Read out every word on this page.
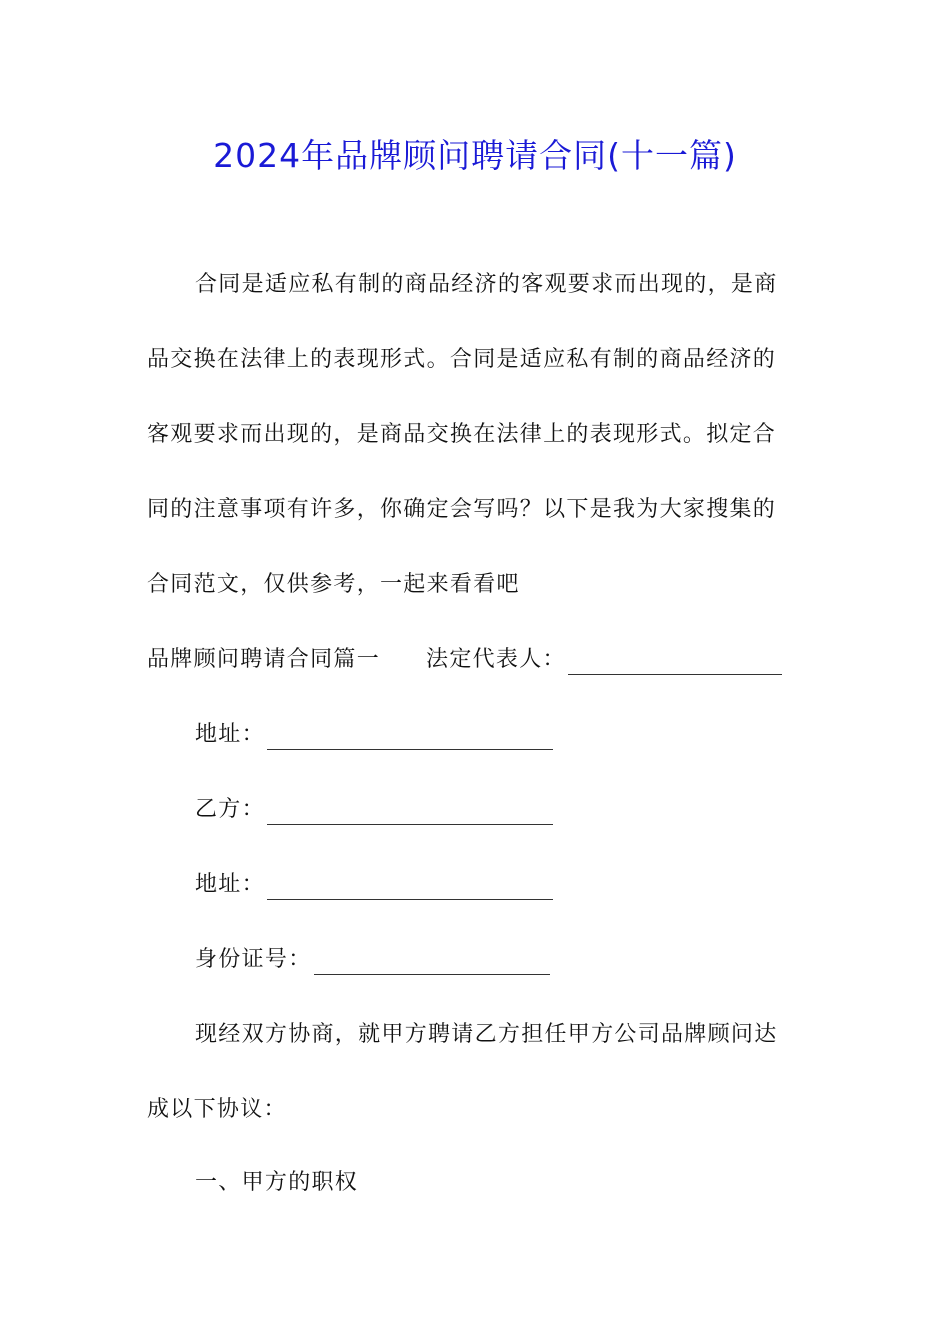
2024年品牌顾问聘请合同(十一篇)
合同是适应私有制的商品经济的客观要求而出现的，是商
品交换在法律上的表现形式。合同是适应私有制的商品经济的
客观要求而出现的，是商品交换在法律上的表现形式。拟定合
同的注意事项有许多，你确定会写吗？以下是我为大家搜集的
合同范文，仅供参考，一起来看看吧
品牌顾问聘请合同篇一 法定代表人：
地址：
乙方：
地址：
身份证号：
现经双方协商，就甲方聘请乙方担任甲方公司品牌顾问达
成以下协议：
一、甲方的职权
